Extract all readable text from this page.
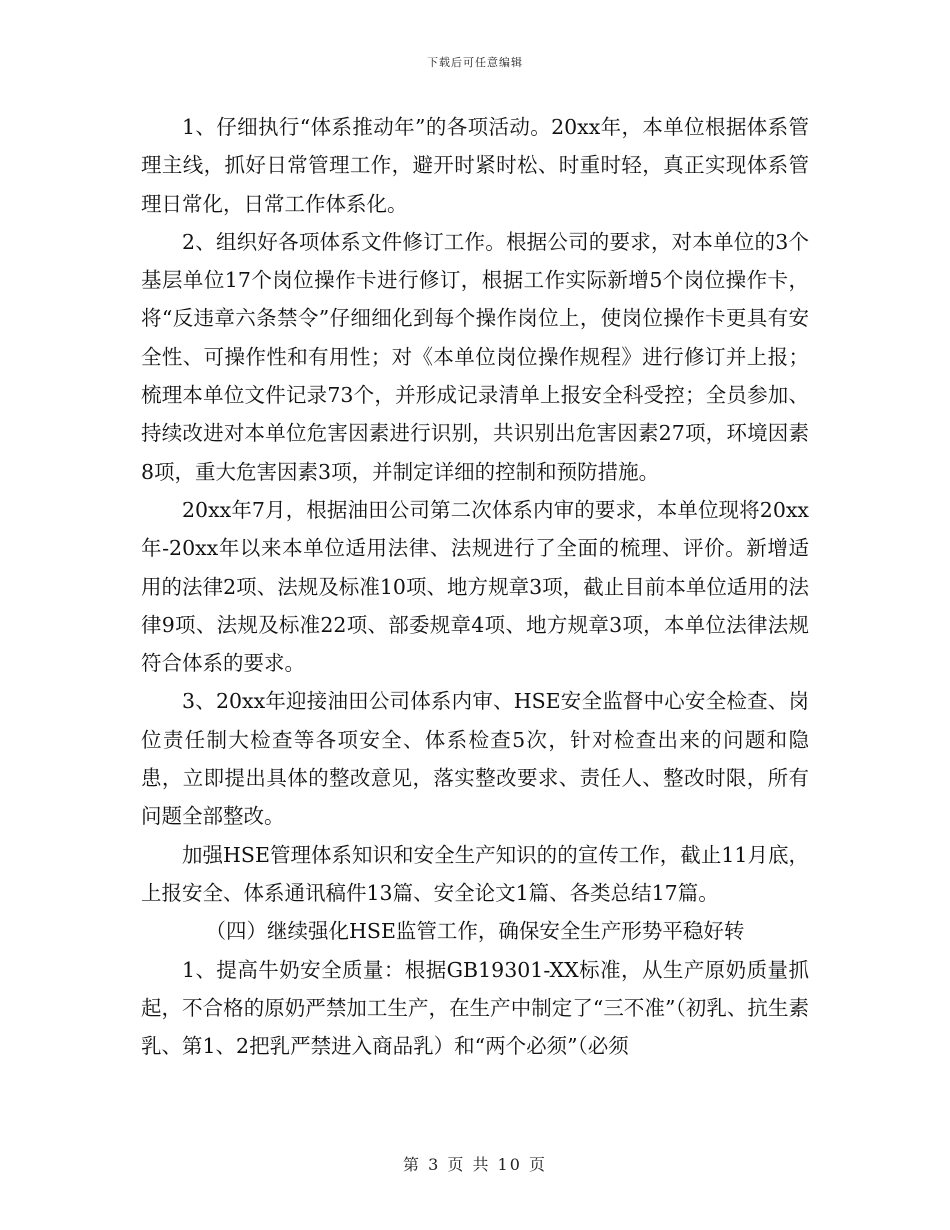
下载后可任意编辑

1、仔细执行“体系推动年”的各项活动。20xx年，本单位根据体系管理主线，抓好日常管理工作，避开时紧时松、时重时轻，真正实现体系管理日常化，日常工作体系化。

2、组织好各项体系文件修订工作。根据公司的要求，对本单位的3个基层单位17个岗位操作卡进行修订，根据工作实际新增5个岗位操作卡，将“反违章六条禁令”仔细细化到每个操作岗位上，使岗位操作卡更具有安全性、可操作性和有用性；对《本单位岗位操作规程》进行修订并上报；梳理本单位文件记录73个，并形成记录清单上报安全科受控；全员参加、持续改进对本单位危害因素进行识别，共识别出危害因素27项，环境因素8项，重大危害因素3项，并制定详细的控制和预防措施。

20xx年7月，根据油田公司第二次体系内审的要求，本单位现将20xx年-20xx年以来本单位适用法律、法规进行了全面的梳理、评价。新增适用的法律2项、法规及标准10项、地方规章3项，截止目前本单位适用的法律9项、法规及标准22项、部委规章4项、地方规章3项，本单位法律法规符合体系的要求。

3、20xx年迎接油田公司体系内审、HSE安全监督中心安全检查、岗位责任制大检查等各项安全、体系检查5次，针对检查出来的问题和隐患，立即提出具体的整改意见，落实整改要求、责任人、整改时限，所有问题全部整改。

加强HSE管理体系知识和安全生产知识的的宣传工作，截止11月底，上报安全、体系通讯稿件13篇、安全论文1篇、各类总结17篇。

（四）继续强化HSE监管工作，确保安全生产形势平稳好转

1、提高牛奶安全质量：根据GB19301-XX标准，从生产原奶质量抓起，不合格的原奶严禁加工生产，在生产中制定了“三不准”（初乳、抗生素乳、第1、2把乳严禁进入商品乳）和“两个必须”（必须

第 3 页 共 10 页
